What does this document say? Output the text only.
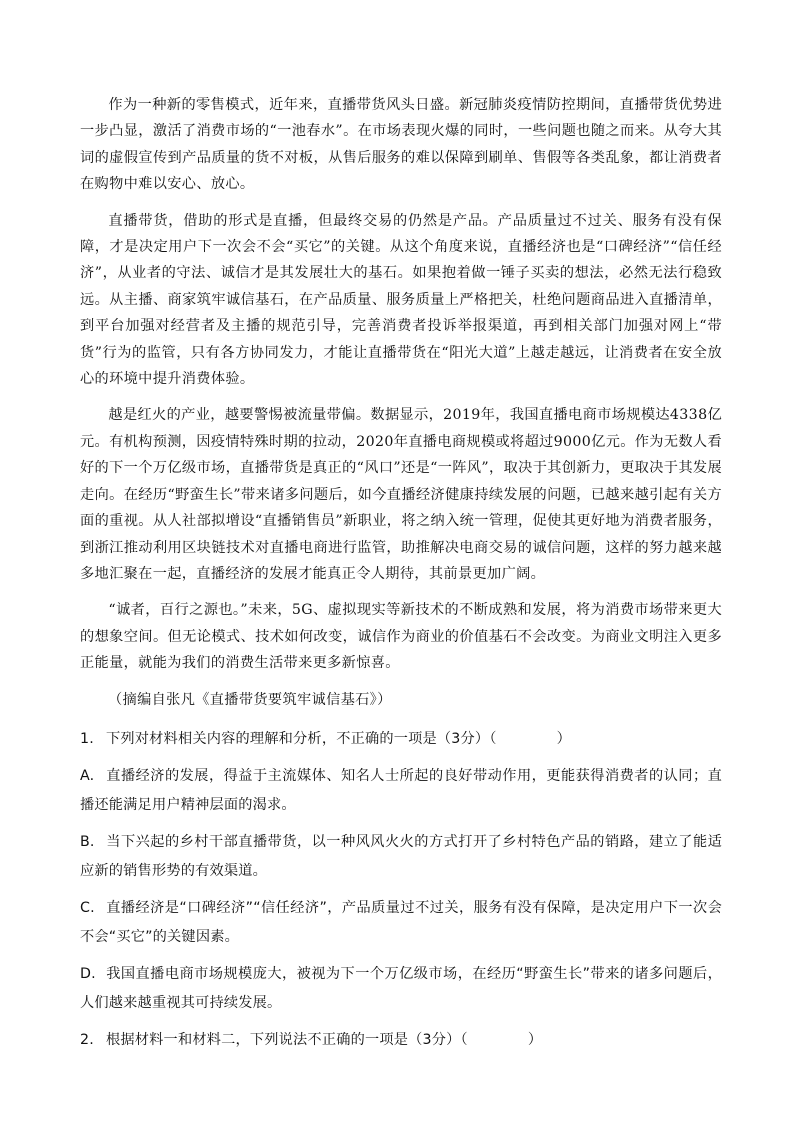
作为一种新的零售模式，近年来，直播带货风头日盛。新冠肺炎疫情防控期间，直播带货优势进一步凸显，激活了消费市场的“一池春水”。在市场表现火爆的同时，一些问题也随之而来。从夸大其词的虚假宣传到产品质量的货不对板，从售后服务的难以保障到刷单、售假等各类乱象，都让消费者在购物中难以安心、放心。

直播带货，借助的形式是直播，但最终交易的仍然是产品。产品质量过不过关、服务有没有保障，才是决定用户下一次会不会“买它”的关键。从这个角度来说，直播经济也是“口碑经济”“信任经济”，从业者的守法、诚信才是其发展壮大的基石。如果抱着做一锤子买卖的想法，必然无法行稳致远。从主播、商家筑牢诚信基石，在产品质量、服务质量上严格把关，杜绝问题商品进入直播清单，到平台加强对经营者及主播的规范引导，完善消费者投诉举报渠道，再到相关部门加强对网上“带货”行为的监管，只有各方协同发力，才能让直播带货在“阳光大道”上越走越远，让消费者在安全放心的环境中提升消费体验。

越是红火的产业，越要警惕被流量带偏。数据显示，2019年，我国直播电商市场规模达4338亿元。有机构预测，因疫情特殊时期的拉动，2020年直播电商规模或将超过9000亿元。作为无数人看好的下一个万亿级市场，直播带货是真正的“风口”还是“一阵风”，取决于其创新力，更取决于其发展走向。在经历“野蛮生长”带来诸多问题后，如今直播经济健康持续发展的问题，已越来越引起有关方面的重视。从人社部拟增设“直播销售员”新职业，将之纳入统一管理，促使其更好地为消费者服务，到浙江推动利用区块链技术对直播电商进行监管，助推解决电商交易的诚信问题，这样的努力越来越多地汇聚在一起，直播经济的发展才能真正令人期待，其前景更加广阔。

“诚者，百行之源也。”未来，5G、虚拟现实等新技术的不断成熟和发展，将为消费市场带来更大的想象空间。但无论模式、技术如何改变，诚信作为商业的价值基石不会改变。为商业文明注入更多正能量，就能为我们的消费生活带来更多新惊喜。

（摘编自张凡《直播带货要筑牢诚信基石》）

1. 下列对材料相关内容的理解和分析，不正确的一项是（3分）（	）

A. 直播经济的发展，得益于主流媒体、知名人士所起的良好带动作用，更能获得消费者的认同；直播还能满足用户精神层面的渴求。

B. 当下兴起的乡村干部直播带货，以一种风风火火的方式打开了乡村特色产品的销路，建立了能适应新的销售形势的有效渠道。

C. 直播经济是“口碑经济”“信任经济”，产品质量过不过关，服务有没有保障，是决定用户下一次会不会“买它”的关键因素。

D. 我国直播电商市场规模庞大，被视为下一个万亿级市场，在经历“野蛮生长”带来的诸多问题后，人们越来越重视其可持续发展。

2. 根据材料一和材料二，下列说法不正确的一项是（3分）（	）
